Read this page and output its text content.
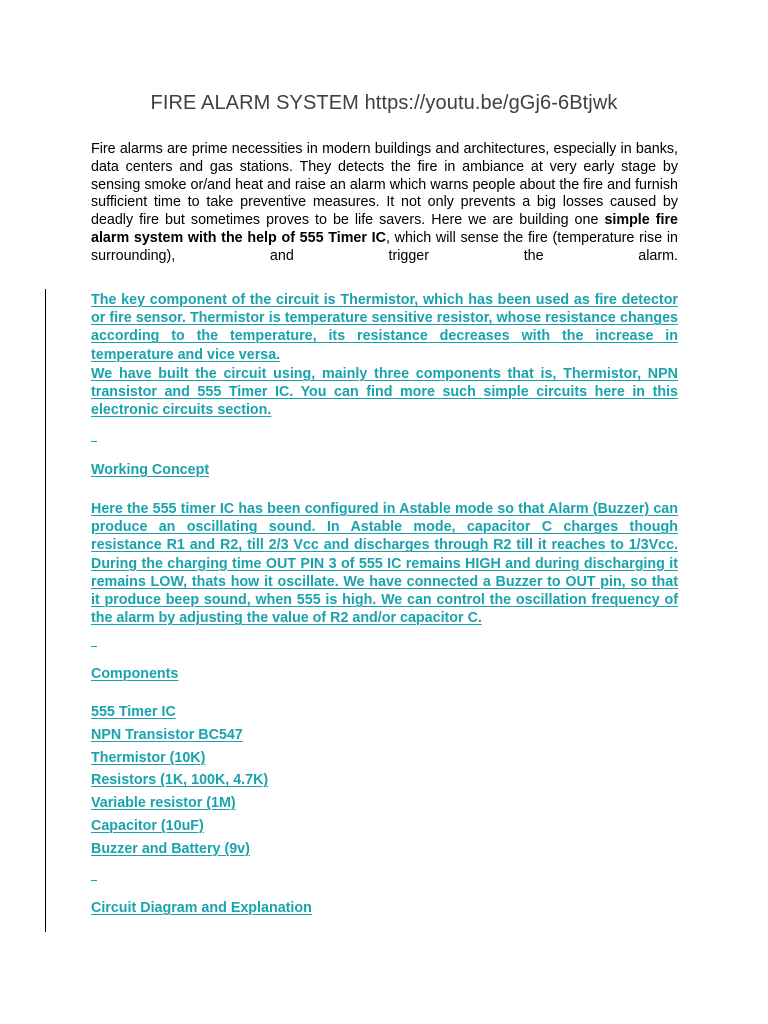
FIRE ALARM SYSTEM https://youtu.be/gGj6-6Btjwk

Fire alarms are prime necessities in modern buildings and architectures, especially in banks, data centers and gas stations. They detects the fire in ambiance at very early stage by sensing smoke or/and heat and raise an alarm which warns people about the fire and furnish sufficient time to take preventive measures. It not only prevents a big losses caused by deadly fire but sometimes proves to be life savers. Here we are building one simple fire alarm system with the help of 555 Timer IC, which will sense the fire (temperature rise in surrounding), and trigger the alarm.

The key component of the circuit is Thermistor, which has been used as fire detector or fire sensor. Thermistor is temperature sensitive resistor, whose resistance changes according to the temperature, its resistance decreases with the increase in temperature and vice versa.

We have built the circuit using, mainly three components that is, Thermistor, NPN transistor and 555 Timer IC. You can find more such simple circuits here in this electronic circuits section.

Working Concept

Here the 555 timer IC has been configured in Astable mode so that Alarm (Buzzer) can produce an oscillating sound. In Astable mode, capacitor C charges though resistance R1 and R2, till 2/3 Vcc and discharges through R2 till it reaches to 1/3Vcc. During the charging time OUT PIN 3 of 555 IC remains HIGH and during discharging it remains LOW, thats how it oscillate. We have connected a Buzzer to OUT pin, so that it produce beep sound, when 555 is high. We can control the oscillation frequency of the alarm by adjusting the value of R2 and/or capacitor C.

Components

555 Timer IC
NPN Transistor BC547
Thermistor (10K)
Resistors (1K, 100K, 4.7K)
Variable resistor (1M)
Capacitor (10uF)
Buzzer and Battery (9v)

Circuit Diagram and Explanation
